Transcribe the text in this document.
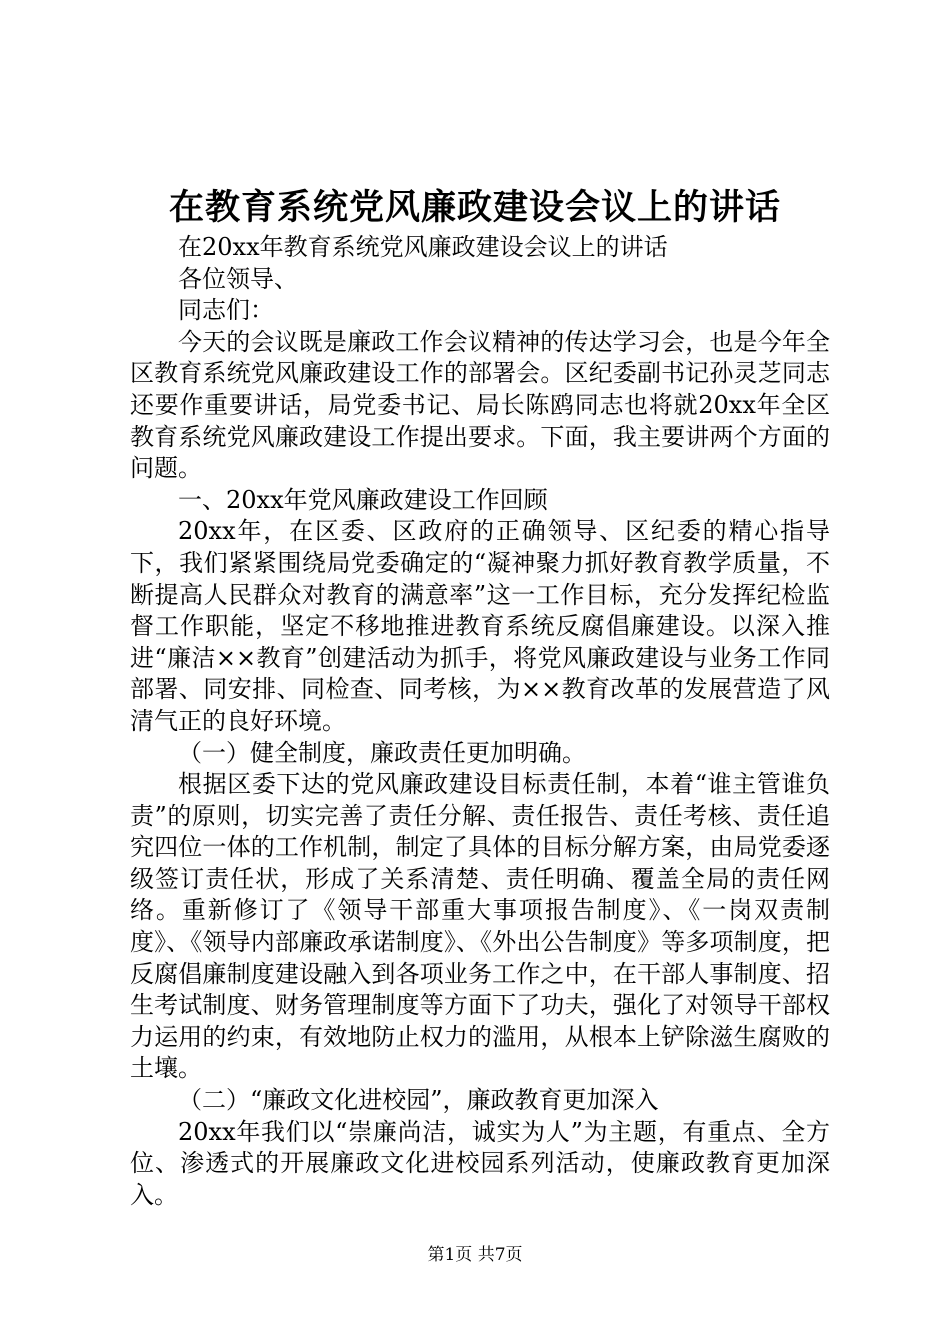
在教育系统党风廉政建设会议上的讲话

在20xx年教育系统党风廉政建设会议上的讲话

各位领导、

同志们：

今天的会议既是廉政工作会议精神的传达学习会，也是今年全区教育系统党风廉政建设工作的部署会。区纪委副书记孙灵芝同志还要作重要讲话，局党委书记、局长陈鸥同志也将就20xx年全区教育系统党风廉政建设工作提出要求。下面，我主要讲两个方面的问题。

一、20xx年党风廉政建设工作回顾

20xx年，在区委、区政府的正确领导、区纪委的精心指导下，我们紧紧围绕局党委确定的“凝神聚力抓好教育教学质量，不断提高人民群众对教育的满意率”这一工作目标，充分发挥纪检监督工作职能，坚定不移地推进教育系统反腐倡廉建设。以深入推进“廉洁××教育”创建活动为抓手，将党风廉政建设与业务工作同部署、同安排、同检查、同考核，为××教育改革的发展营造了风清气正的良好环境。

（一）健全制度，廉政责任更加明确。

根据区委下达的党风廉政建设目标责任制，本着“谁主管谁负责”的原则，切实完善了责任分解、责任报告、责任考核、责任追究四位一体的工作机制，制定了具体的目标分解方案，由局党委逐级签订责任状，形成了关系清楚、责任明确、覆盖全局的责任网络。重新修订了《领导干部重大事项报告制度》、《一岗双责制度》、《领导内部廉政承诺制度》、《外出公告制度》等多项制度，把反腐倡廉制度建设融入到各项业务工作之中，在干部人事制度、招生考试制度、财务管理制度等方面下了功夫，强化了对领导干部权力运用的约束，有效地防止权力的滥用，从根本上铲除滋生腐败的土壤。

（二）“廉政文化进校园”，廉政教育更加深入

20xx年我们以“崇廉尚洁，诚实为人”为主题，有重点、全方位、渗透式的开展廉政文化进校园系列活动，使廉政教育更加深入。

第1页 共7页
